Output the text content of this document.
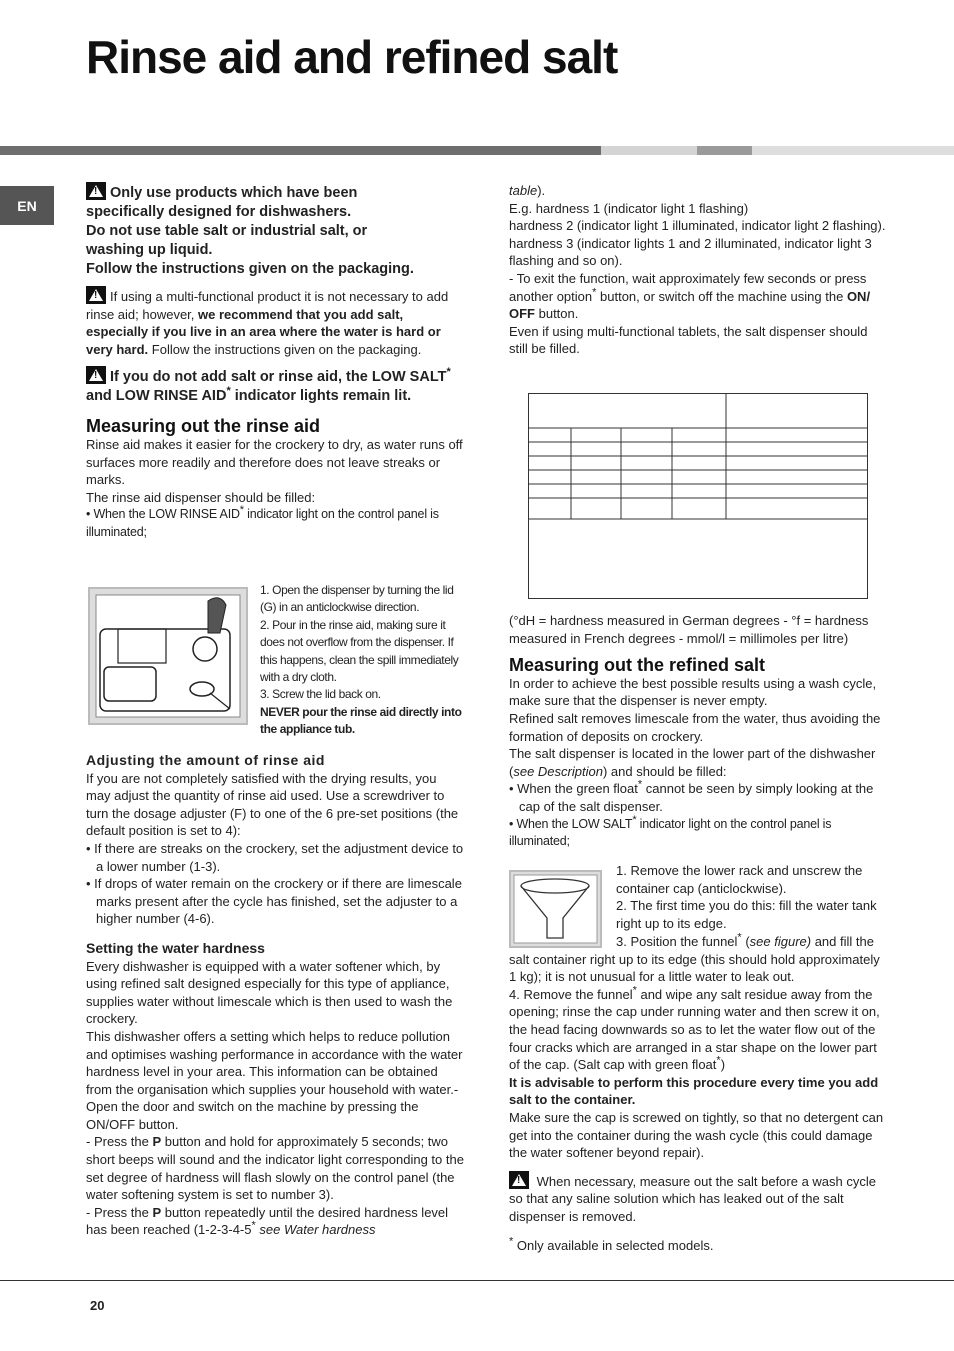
Rinse aid and refined salt
EN
!Only use products which have been
specifically designed for dishwashers.
Do not use table salt or industrial salt, or
washing up liquid.
Follow the instructions given on the packaging.

!If using a multi-functional product it is not necessary to add rinse aid; however, we recommend that you add salt, especially if you live in an area where the water is hard or very hard. Follow the instructions given on the packaging.

!If you do not add salt or rinse aid, the LOW SALT* and LOW RINSE AID* indicator lights remain lit.
Measuring out the rinse aid

Rinse aid makes it easier for the crockery to dry, as water runs off surfaces more readily and therefore does not leave streaks or marks.

The rinse aid dispenser should be filled:

• When the LOW RINSE AID* indicator light on the control panel is illuminated;

1. Open the dispenser by turning the lid (G) in an anticlockwise direction.

2. Pour in the rinse aid, making sure it does not overflow from the dispenser. If this happens, clean the spill immediately with a dry cloth.

3. Screw the lid back on.

NEVER pour the rinse aid directly into the appliance tub.

Adjusting the amount of rinse aid

If you are not completely satisfied with the drying results, you may adjust the quantity of rinse aid used. Use a screwdriver to turn the dosage adjuster (F) to one of the 6 pre-set positions (the default position is set to 4):

• If there are streaks on the crockery, set the adjustment device to a lower number (1-3).

• If drops of water remain on the crockery or if there are limescale marks present after the cycle has finished, set the adjuster to a higher number (4-6).

Setting the water hardness

Every dishwasher is equipped with a water softener which, by using refined salt designed especially for this type of appliance, supplies water without limescale which is then used to wash the crockery.

This dishwasher offers a setting which helps to reduce pollution and optimises washing performance in accordance with the water hardness level in your area. This information can be obtained from the organisation which supplies your household with water.- Open the door and switch on the machine by pressing the ON/OFF button.

- Press the P button and hold for approximately 5 seconds; two short beeps will sound and the indicator light corresponding to the set degree of hardness will flash slowly on the control panel (the water softening system is set to number 3).

- Press the P button repeatedly until the desired hardness level has been reached (1-2-3-4-5* see Water hardness

table).

E.g. hardness 1 (indicator light 1 flashing)

hardness 2 (indicator light 1 illuminated, indicator light 2 flashing).

hardness 3 (indicator lights 1 and 2 illuminated, indicator light 3 flashing and so on).

- To exit the function, wait approximately few seconds or press another option* button, or switch off the machine using the ON/ OFF button.

Even if using multi-functional tablets, the salt dispenser should still be filled.

(°dH = hardness measured in German degrees - °f = hardness measured in French degrees - mmol/l = millimoles per litre)

Measuring out the refined salt

In order to achieve the best possible results using a wash cycle, make sure that the dispenser is never empty.

Refined salt removes limescale from the water, thus avoiding the formation of deposits on crockery.

The salt dispenser is located in the lower part of the dishwasher (see Description) and should be filled:

• When the green float* cannot be seen by simply looking at the cap of the salt dispenser.

• When the LOW SALT* indicator light on the control panel is illuminated;

1. Remove the lower rack and unscrew the container cap (anticlockwise).

2. The first time you do this: fill the water tank right up to its edge.

3. Position the funnel* (see figure) and fill the salt container right up to its edge (this should hold approximately 1 kg); it is not unusual for a little water to leak out.

4. Remove the funnel* and wipe any salt residue away from the opening; rinse the cap under running water and then screw it on, the head facing downwards so as to let the water flow out of the four cracks which are arranged in a star shape on the lower part of the cap. (Salt cap with green float*)

It is advisable to perform this procedure every time you add salt to the container.

Make sure the cap is screwed on tightly, so that no detergent can get into the container during the wash cycle (this could damage the water softener beyond repair).

! When necessary, measure out the salt before a wash cycle so that any saline solution which has leaked out of the salt dispenser is removed.

* Only available in selected models.

20
